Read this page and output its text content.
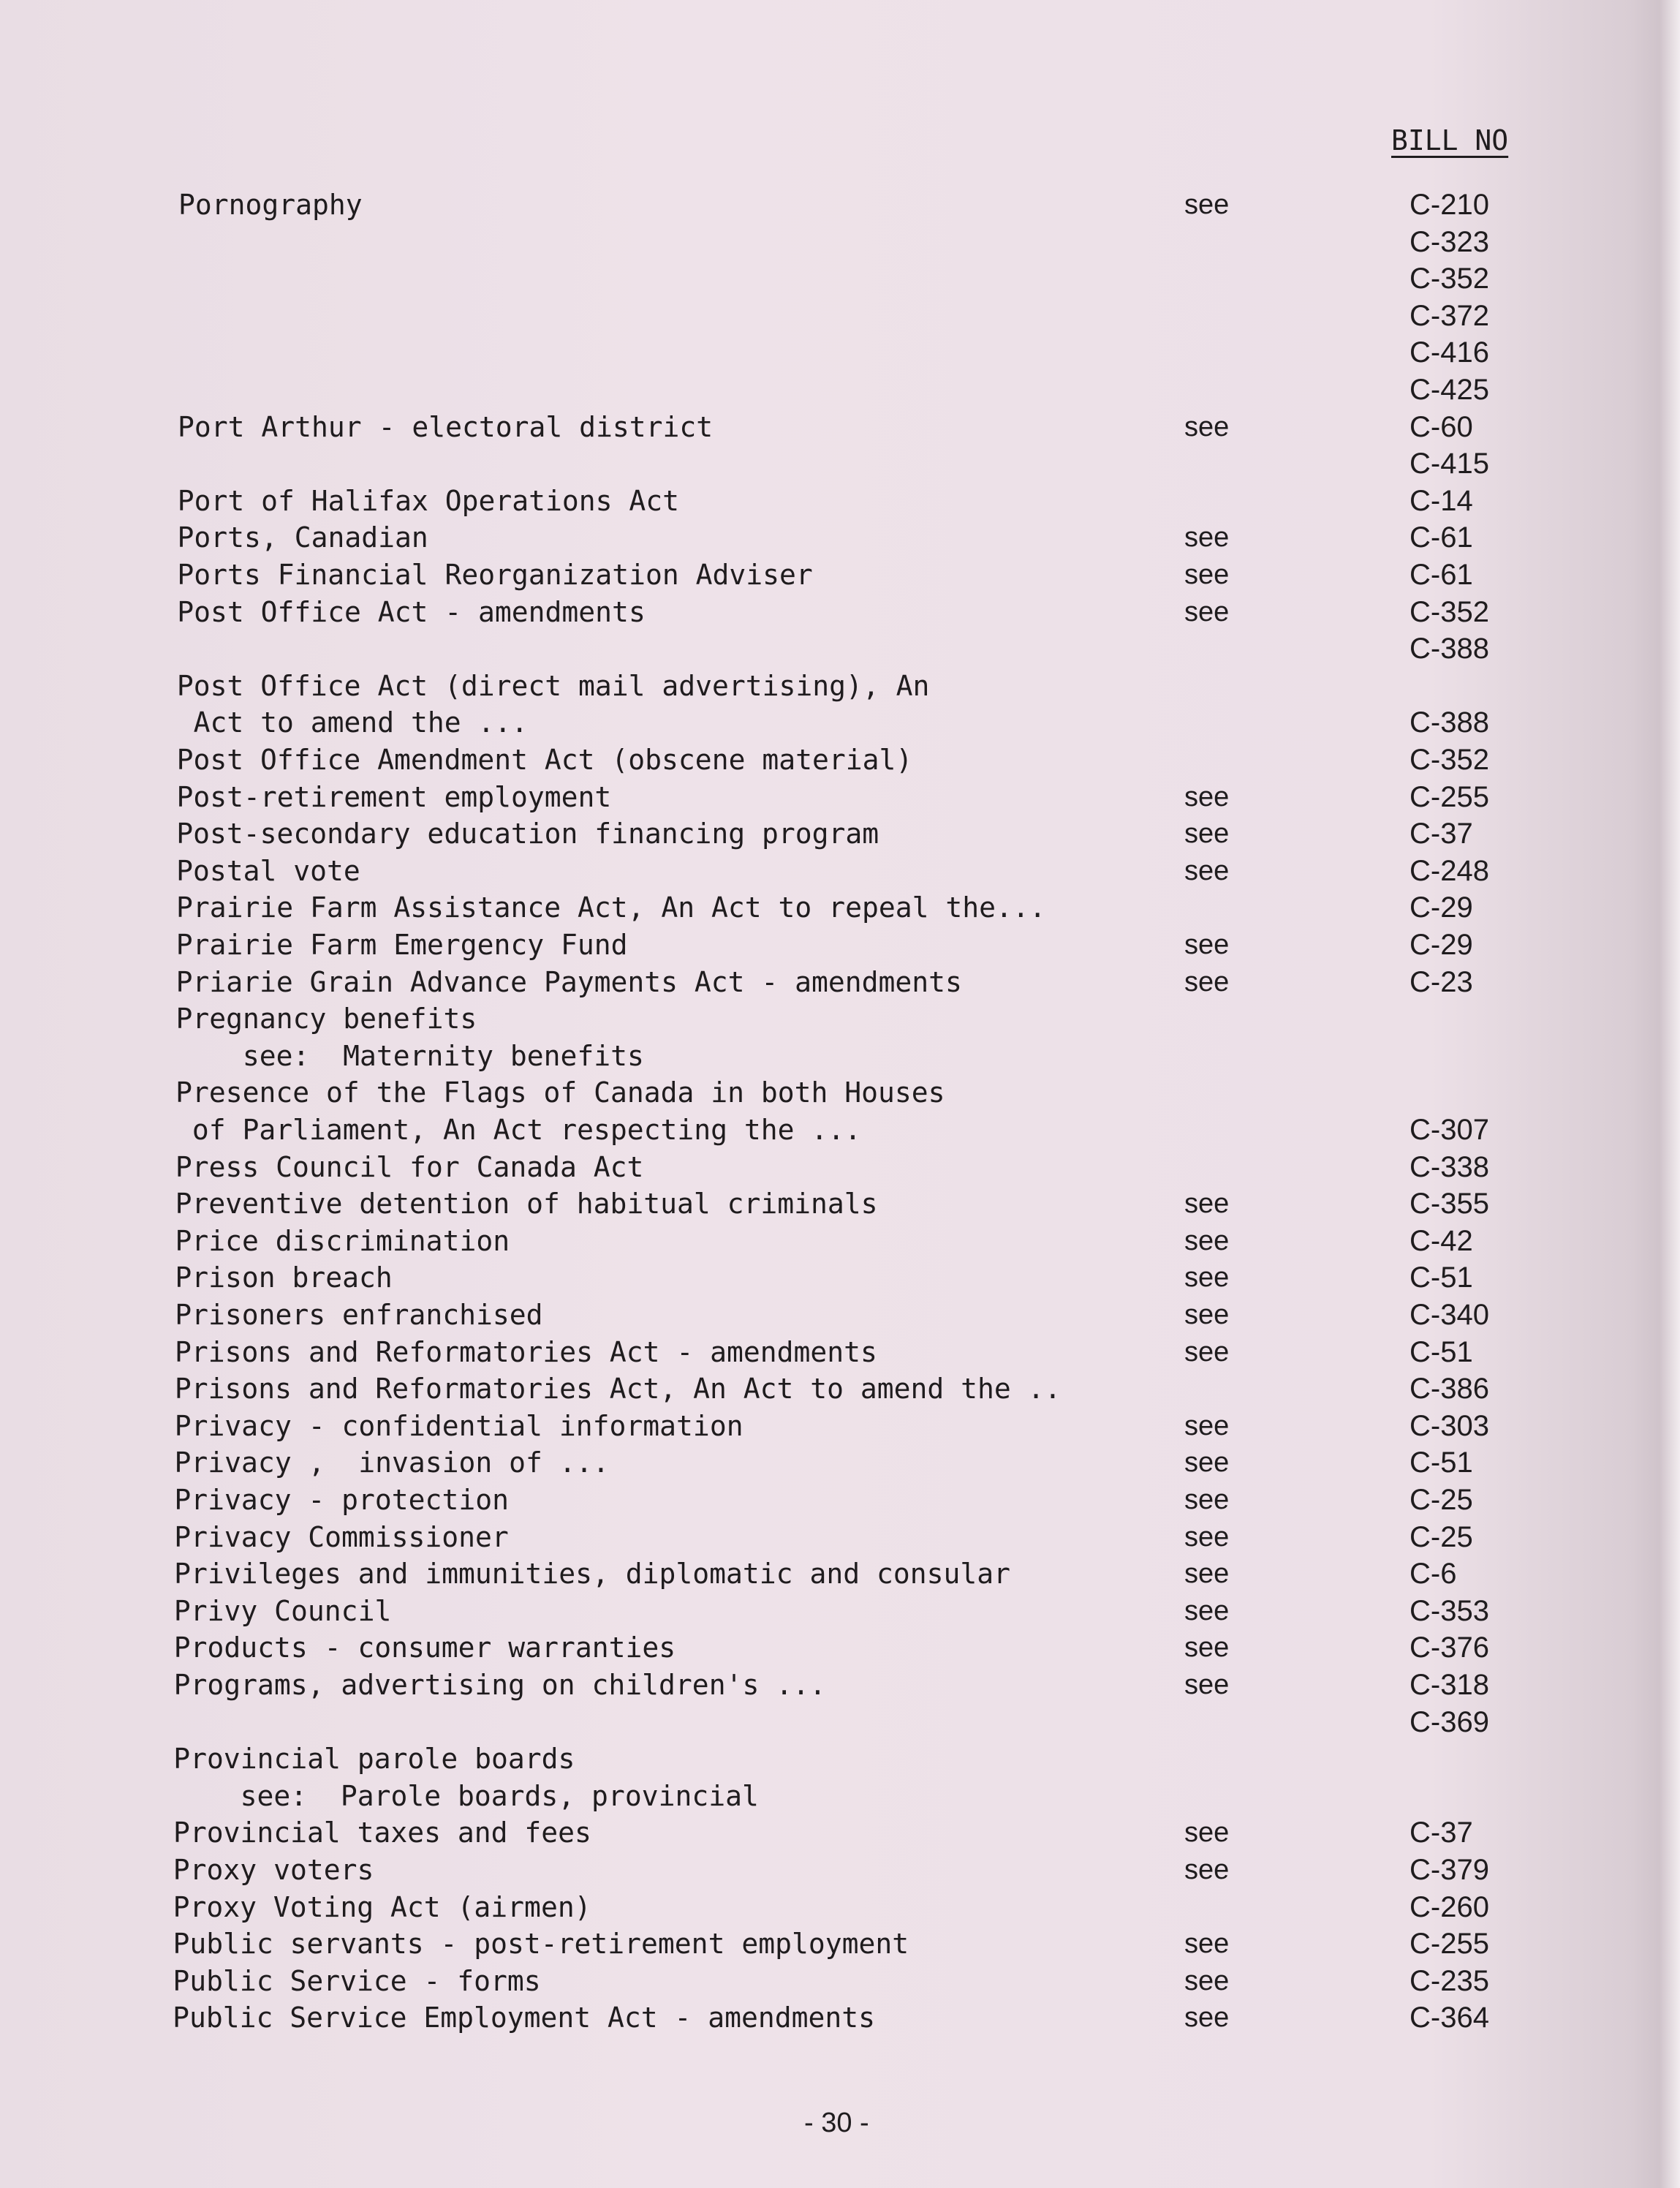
BILL NO
Pornography	see	C-210
C-323
C-352
C-372
C-416
C-425
Port Arthur - electoral district	see	C-60
C-415
Port of Halifax Operations Act	C-14
Ports, Canadian	see	C-61
Ports Financial Reorganization Adviser	see	C-61
Post Office Act - amendments	see	C-352
C-388
Post Office Act (direct mail advertising), An
Act to amend the ...	C-388
Post Office Amendment Act (obscene material)	C-352
Post-retirement employment	see	C-255
Post-secondary education financing program	see	C-37
Postal vote	see	C-248
Prairie Farm Assistance Act, An Act to repeal the...	C-29
Prairie Farm Emergency Fund	see	C-29
Priarie Grain Advance Payments Act - amendments	see	C-23
Pregnancy benefits
see:  Maternity benefits
Presence of the Flags of Canada in both Houses
of Parliament, An Act respecting the ...	C-307
Press Council for Canada Act	C-338
Preventive detention of habitual criminals	see	C-355
Price discrimination	see	C-42
Prison breach	see	C-51
Prisoners enfranchised	see	C-340
Prisons and Reformatories Act - amendments	see	C-51
Prisons and Reformatories Act, An Act to amend the ..	C-386
Privacy - confidential information	see	C-303
Privacy ,  invasion of ...	see	C-51
Privacy - protection	see	C-25
Privacy Commissioner	see	C-25
Privileges and immunities, diplomatic and consular	see	C-6
Privy Council	see	C-353
Products - consumer warranties	see	C-376
Programs, advertising on children's ...	see	C-318
C-369
Provincial parole boards
see:  Parole boards, provincial
Provincial taxes and fees	see	C-37
Proxy voters	see	C-379
Proxy Voting Act (airmen)	C-260
Public servants - post-retirement employment	see	C-255
Public Service - forms	see	C-235
Public Service Employment Act - amendments	see	C-364
- 30 -
